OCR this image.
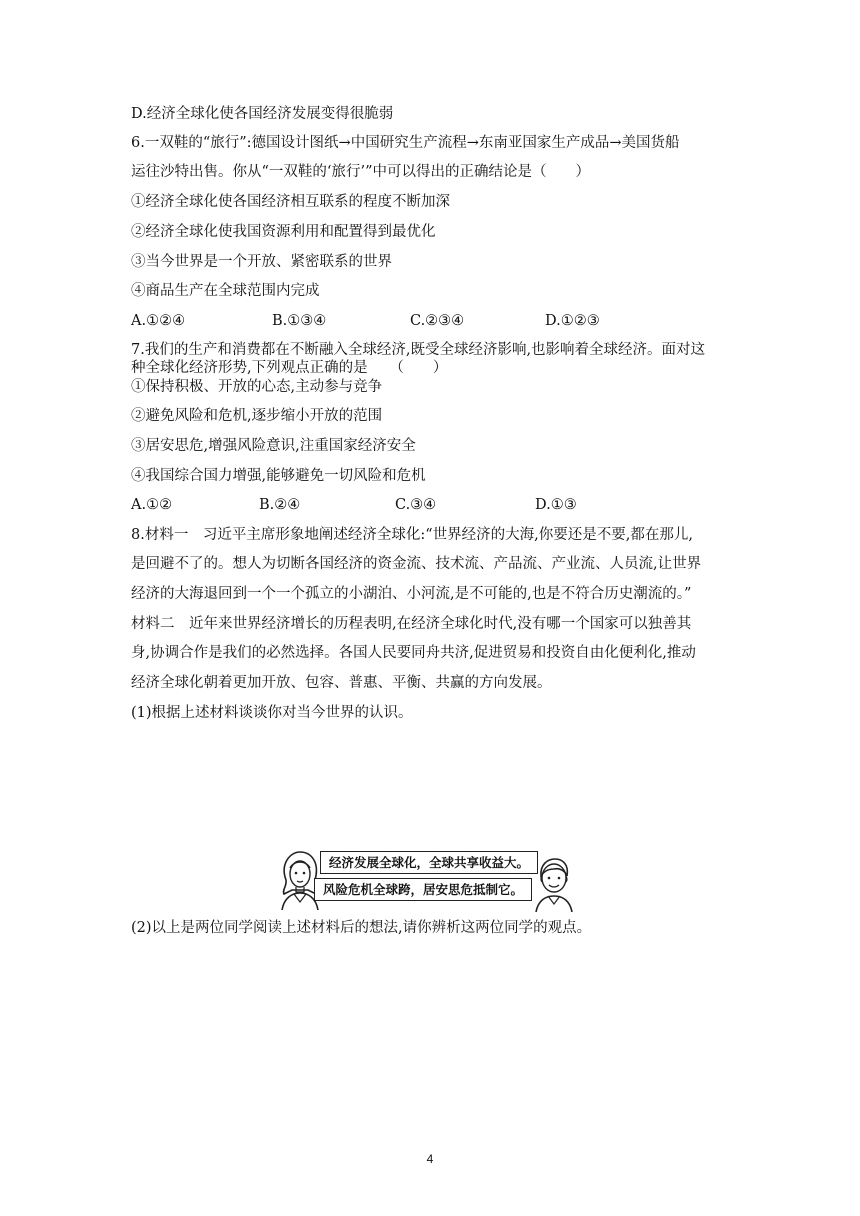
D.经济全球化使各国经济发展变得很脆弱
6.一双鞋的“旅行”:德国设计图纸→中国研究生产流程→东南亚国家生产成品→美国货船
运往沙特出售。你从“一双鞋的‘旅行’”中可以得出的正确结论是（　　）
①经济全球化使各国经济相互联系的程度不断加深
②经济全球化使我国资源利用和配置得到最优化
③当今世界是一个开放、紧密联系的世界
④商品生产在全球范围内完成
A.①②④	B.①③④	C.②③④	D.①②③
7.我们的生产和消费都在不断融入全球经济,既受全球经济影响,也影响着全球经济。面对这
种全球化经济形势,下列观点正确的是　　（　　）
①保持积极、开放的心态,主动参与竞争
②避免风险和危机,逐步缩小开放的范围
③居安思危,增强风险意识,注重国家经济安全
④我国综合国力增强,能够避免一切风险和危机
A.①②	B.②④	C.③④	D.①③
8.材料一　习近平主席形象地阐述经济全球化:“世界经济的大海,你要还是不要,都在那儿,
是回避不了的。想人为切断各国经济的资金流、技术流、产品流、产业流、人员流,让世界
经济的大海退回到一个一个孤立的小湖泊、小河流,是不可能的,也是不符合历史潮流的。”
材料二　近年来世界经济增长的历程表明,在经济全球化时代,没有哪一个国家可以独善其
身,协调合作是我们的必然选择。各国人民要同舟共济,促进贸易和投资自由化便利化,推动
经济全球化朝着更加开放、包容、普惠、平衡、共赢的方向发展。
(1)根据上述材料谈谈你对当今世界的认识。
经济发展全球化，全球共享收益大。
风险危机全球跨，居安思危抵制它。
(2)以上是两位同学阅读上述材料后的想法,请你辨析这两位同学的观点。
4
